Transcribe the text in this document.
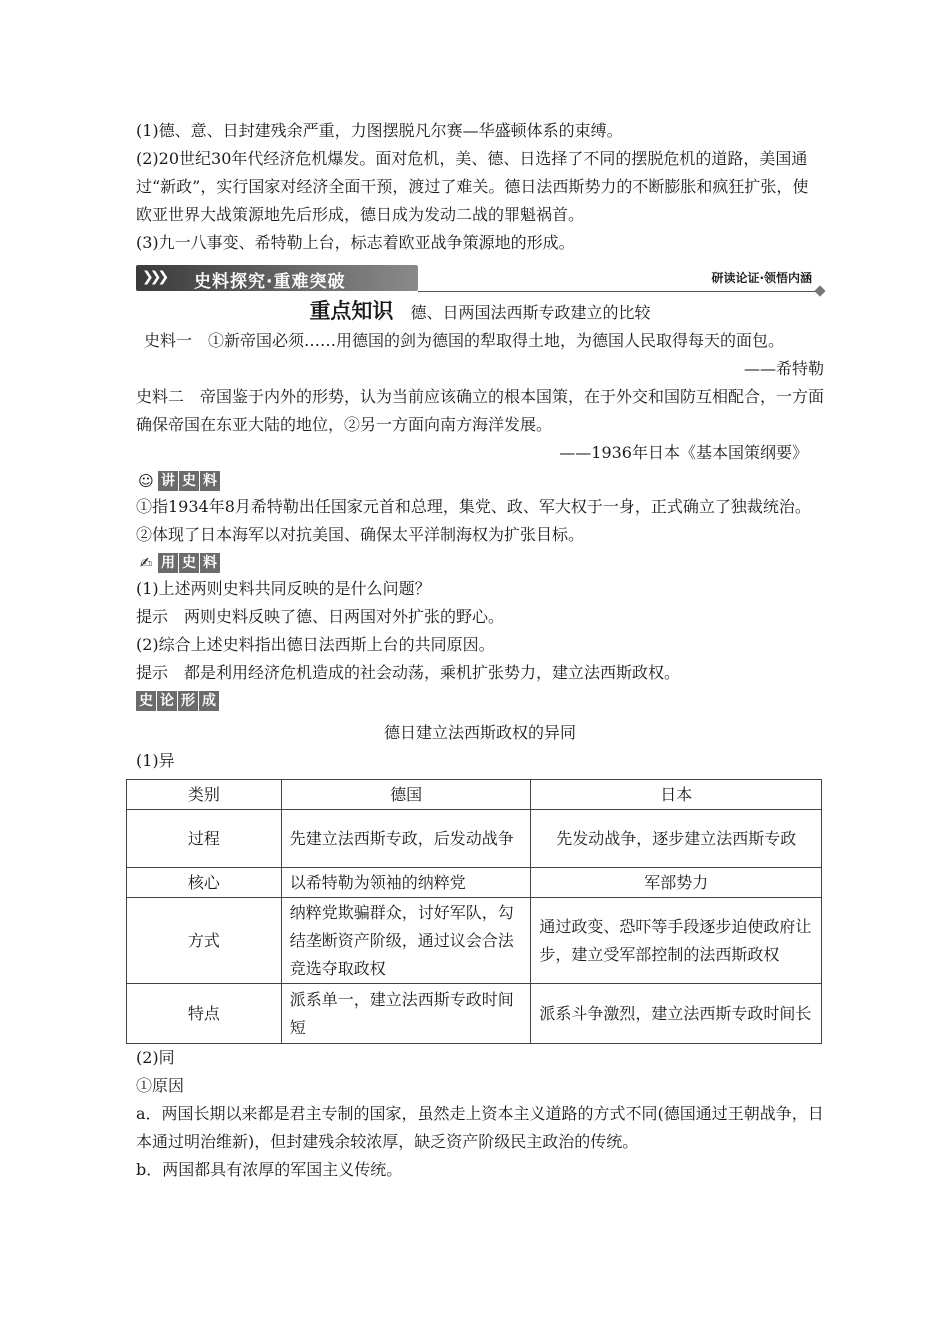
(1)德、意、日封建残余严重，力图摆脱凡尔赛—华盛顿体系的束缚。

(2)20世纪30年代经济危机爆发。面对危机，美、德、日选择了不同的摆脱危机的道路，美国通过“新政”，实行国家对经济全面干预，渡过了难关。德日法西斯势力的不断膨胀和疯狂扩张，使欧亚世界大战策源地先后形成，德日成为发动二战的罪魁祸首。

(3)九一八事变、希特勒上台，标志着欧亚战争策源地的形成。

❯❯❯ 史料探究·重难突破	研读论证·领悟内涵
重点知识 德、日两国法西斯专政建立的比较

史料一　①新帝国必须……用德国的剑为德国的犁取得土地，为德国人民取得每天的面包。

——希特勒

史料二　帝国鉴于内外的形势，认为当前应该确立的根本国策，在于外交和国防互相配合，一方面确保帝国在东亚大陆的地位，②另一方面向南方海洋发展。

——1936年日本《基本国策纲要》

☺ 讲 史 料

①指1934年8月希特勒出任国家元首和总理，集党、政、军大权于一身，正式确立了独裁统治。

②体现了日本海军以对抗美国、确保太平洋制海权为扩张目标。

✍ 用 史 料

(1)上述两则史料共同反映的是什么问题？

提示　两则史料反映了德、日两国对外扩张的野心。

(2)综合上述史料指出德日法西斯上台的共同原因。

提示　都是利用经济危机造成的社会动荡，乘机扩张势力，建立法西斯政权。

史 论 形 成

德日建立法西斯政权的异同

(1)异

类别	德国	日本
过程	先建立法西斯专政，后发动战争	先发动战争，逐步建立法西斯专政
核心	以希特勒为领袖的纳粹党	军部势力
方式	纳粹党欺骗群众，讨好军队，勾结垄断资产阶级，通过议会合法竞选夺取政权	通过政变、恐吓等手段逐步迫使政府让步，建立受军部控制的法西斯政权
特点	派系单一，建立法西斯专政时间短	派系斗争激烈，建立法西斯专政时间长

(2)同

①原因

a．两国长期以来都是君主专制的国家，虽然走上资本主义道路的方式不同(德国通过王朝战争，日本通过明治维新)，但封建残余较浓厚，缺乏资产阶级民主政治的传统。

b．两国都具有浓厚的军国主义传统。
